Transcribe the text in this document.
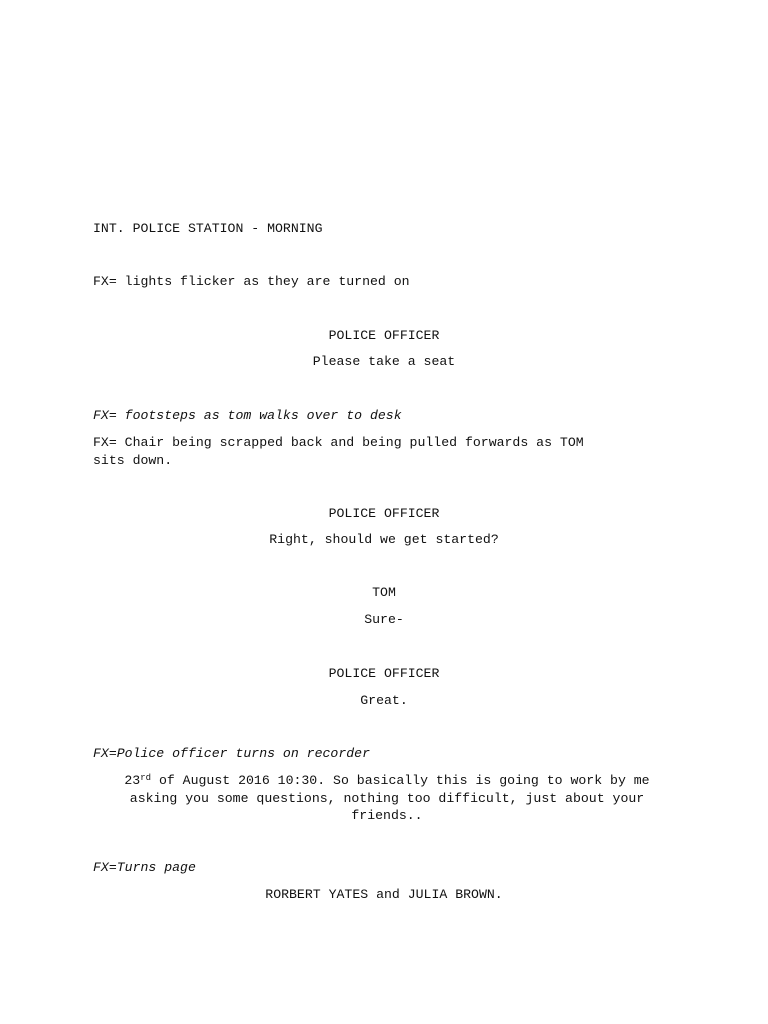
INT. POLICE STATION - MORNING
FX= lights flicker as they are turned on
POLICE OFFICER
Please take a seat
FX= footsteps as tom walks over to desk
FX= Chair being scrapped back and being pulled forwards as TOM
sits down.
POLICE OFFICER
Right, should we get started?
TOM
Sure-
POLICE OFFICER
Great.
FX=Police officer turns on recorder
23rd of August 2016 10:30. So basically this is going to work by me asking you some questions, nothing too difficult, just about your friends..
FX=Turns page
RORBERT YATES and JULIA BROWN.
